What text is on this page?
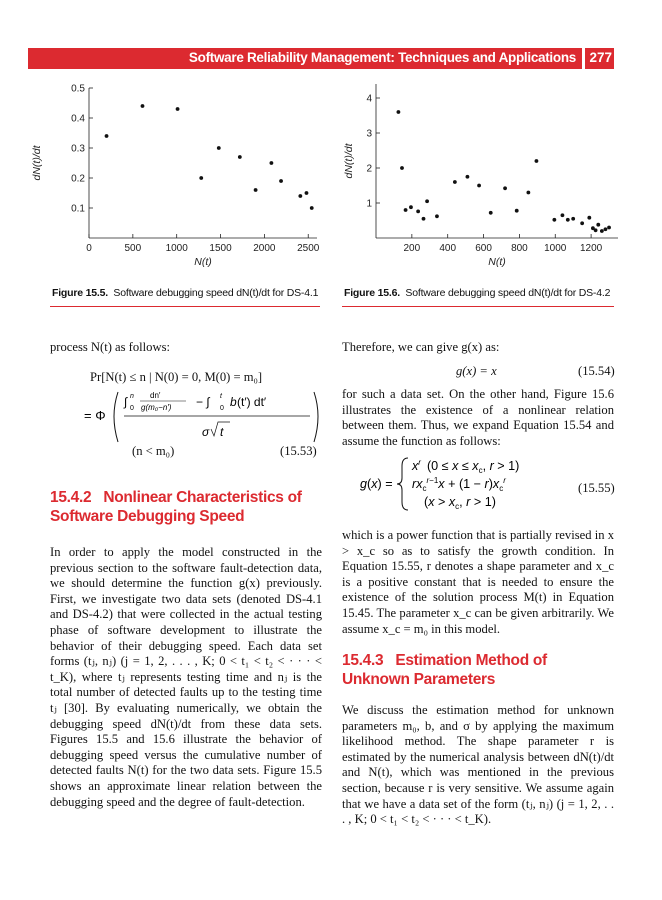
Software Reliability Management: Techniques and Applications 277
0	500 1000 1500 2000 2500
0.1
0.2
0.3
0.4
0.5
N(t)
dN(t)/dt
200 400 600 800 1000 1200
1
2
3
4
N(t)
dN(t)/dt
Figure 15.5. Software debugging speed dN(t)/dt for DS-4.1 Figure 15.6. Software debugging speed dN(t)/dt for DS-4.2
process N(t) as follows:
Pr[N(t) ≤ n | N(0) = 0, M(0) = m₀]
= Φ
∫ n
0
dn′
g(m₀−n′) − ∫ t
0 b (t′) dt′
σ t
(n < m₀)	(15.53)
15.4.2 Nonlinear Characteristics of Software Debugging Speed
In order to apply the model constructed in the previous section to the software fault-detection data, we should determine the function g(x) previously. First, we investigate two data sets (denoted DS-4.1 and DS-4.2) that were collected in the actual testing phase of software development to illustrate the behavior of their debugging speed. Each data set forms (tⱼ, nⱼ) (j = 1, 2, . . . , K; 0 < t₁ < t₂ < · · · < t_K), where tⱼ represents testing time and nⱼ is the total number of detected faults up to the testing time tⱼ [30]. By evaluating numerically, we obtain the debugging speed dN(t)/dt from these data sets. Figures 15.5 and 15.6 illustrate the behavior of debugging speed versus the cumulative number of detected faults N(t) for the two data sets. Figure 15.5 shows an approximate linear relation between the debugging speed and the degree of fault-detection.
Therefore, we can give g(x) as:
g(x) = x	(15.54)
for such a data set. On the other hand, Figure 15.6 illustrates the existence of a nonlinear relation between them. Thus, we expand Equation 15.54 and assume the function as follows:
g(x) =
$x^r$ ($0 \le x \le x_c$, r > 1)
$rx_c^r-1x + (1 - r)x_c^r$
($x > x_c$, r > 1)
(15.55)
which is a power function that is partially revised in x > x_c so as to satisfy the growth condition. In Equation 15.55, r denotes a shape parameter and x_c is a positive constant that is needed to ensure the existence of the solution process M(t) in Equation 15.45. The parameter x_c can be given arbitrarily. We assume x_c = m₀ in this model.
15.4.3 Estimation Method of Unknown Parameters
We discuss the estimation method for unknown parameters m₀, b, and σ by applying the maximum likelihood method. The shape parameter r is estimated by the numerical analysis between dN(t)/dt and N(t), which was mentioned in the previous section, because r is very sensitive. We assume again that we have a data set of the form (tⱼ, nⱼ) (j = 1, 2, . . . , K; 0 < t₁ < t₂ < · · · < t_K).
